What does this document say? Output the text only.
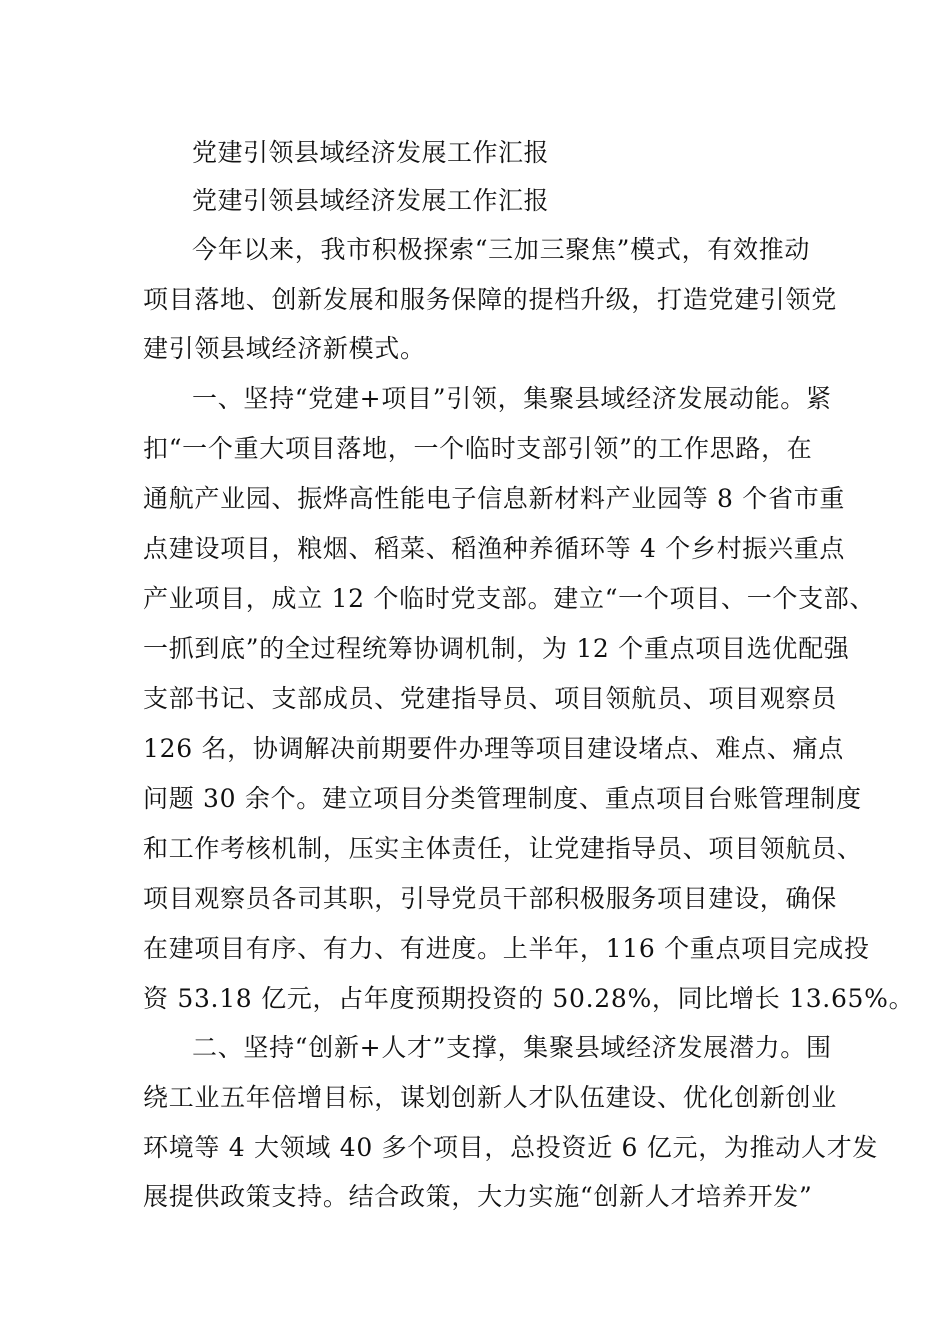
党建引领县域经济发展工作汇报
党建引领县域经济发展工作汇报
今年以来，我市积极探索“三加三聚焦”模式，有效推动
项目落地、创新发展和服务保障的提档升级，打造党建引领党
建引领县域经济新模式。
一、坚持“党建+项目”引领，集聚县域经济发展动能。紧
扣“一个重大项目落地，一个临时支部引领”的工作思路，在
通航产业园、振烨高性能电子信息新材料产业园等 8 个省市重
点建设项目，粮烟、稻菜、稻渔种养循环等 4 个乡村振兴重点
产业项目，成立 12 个临时党支部。建立“一个项目、一个支部、
一抓到底”的全过程统筹协调机制，为 12 个重点项目选优配强
支部书记、支部成员、党建指导员、项目领航员、项目观察员
126 名，协调解决前期要件办理等项目建设堵点、难点、痛点
问题 30 余个。建立项目分类管理制度、重点项目台账管理制度
和工作考核机制，压实主体责任，让党建指导员、项目领航员、
项目观察员各司其职，引导党员干部积极服务项目建设，确保
在建项目有序、有力、有进度。上半年，116 个重点项目完成投
资 53.18 亿元，占年度预期投资的 50.28%，同比增长 13.65%。
二、坚持“创新+人才”支撑，集聚县域经济发展潜力。围
绕工业五年倍增目标，谋划创新人才队伍建设、优化创新创业
环境等 4 大领域 40 多个项目，总投资近 6 亿元，为推动人才发
展提供政策支持。结合政策，大力实施“创新人才培养开发”
